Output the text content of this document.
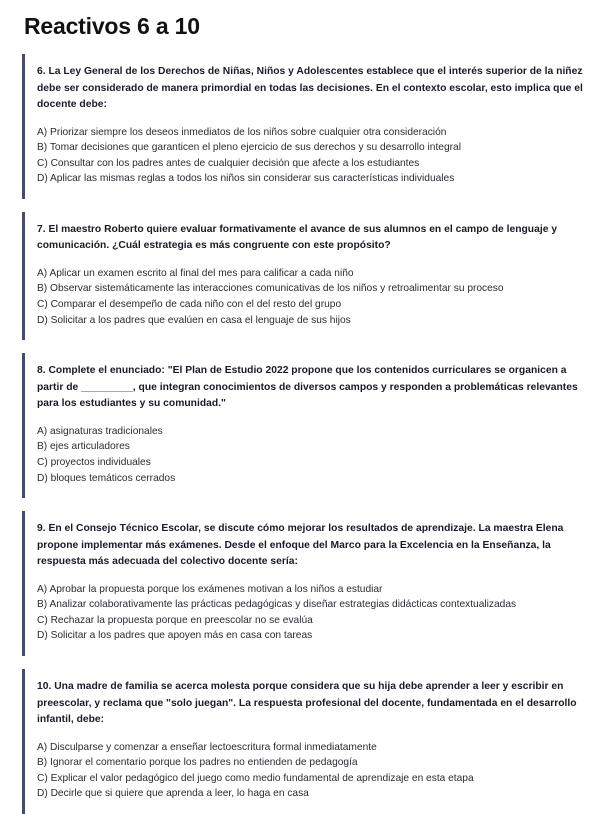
Reactivos 6 a 10

6. La Ley General de los Derechos de Niñas, Niños y Adolescentes establece que el interés superior de la niñez debe ser considerado de manera primordial en todas las decisiones. En el contexto escolar, esto implica que el docente debe:

A) Priorizar siempre los deseos inmediatos de los niños sobre cualquier otra consideración
B) Tomar decisiones que garanticen el pleno ejercicio de sus derechos y su desarrollo integral
C) Consultar con los padres antes de cualquier decisión que afecte a los estudiantes
D) Aplicar las mismas reglas a todos los niños sin considerar sus características individuales

7. El maestro Roberto quiere evaluar formativamente el avance de sus alumnos en el campo de lenguaje y comunicación. ¿Cuál estrategia es más congruente con este propósito?

A) Aplicar un examen escrito al final del mes para calificar a cada niño
B) Observar sistemáticamente las interacciones comunicativas de los niños y retroalimentar su proceso
C) Comparar el desempeño de cada niño con el del resto del grupo
D) Solicitar a los padres que evalúen en casa el lenguaje de sus hijos

8. Complete el enunciado: "El Plan de Estudio 2022 propone que los contenidos curriculares se organicen a partir de _________, que integran conocimientos de diversos campos y responden a problemáticas relevantes para los estudiantes y su comunidad."

A) asignaturas tradicionales
B) ejes articuladores
C) proyectos individuales
D) bloques temáticos cerrados

9. En el Consejo Técnico Escolar, se discute cómo mejorar los resultados de aprendizaje. La maestra Elena propone implementar más exámenes. Desde el enfoque del Marco para la Excelencia en la Enseñanza, la respuesta más adecuada del colectivo docente sería:

A) Aprobar la propuesta porque los exámenes motivan a los niños a estudiar
B) Analizar colaborativamente las prácticas pedagógicas y diseñar estrategias didácticas contextualizadas
C) Rechazar la propuesta porque en preescolar no se evalúa
D) Solicitar a los padres que apoyen más en casa con tareas

10. Una madre de familia se acerca molesta porque considera que su hija debe aprender a leer y escribir en preescolar, y reclama que "solo juegan". La respuesta profesional del docente, fundamentada en el desarrollo infantil, debe:

A) Disculparse y comenzar a enseñar lectoescritura formal inmediatamente
B) Ignorar el comentario porque los padres no entienden de pedagogía
C) Explicar el valor pedagógico del juego como medio fundamental de aprendizaje en esta etapa
D) Decirle que si quiere que aprenda a leer, lo haga en casa
